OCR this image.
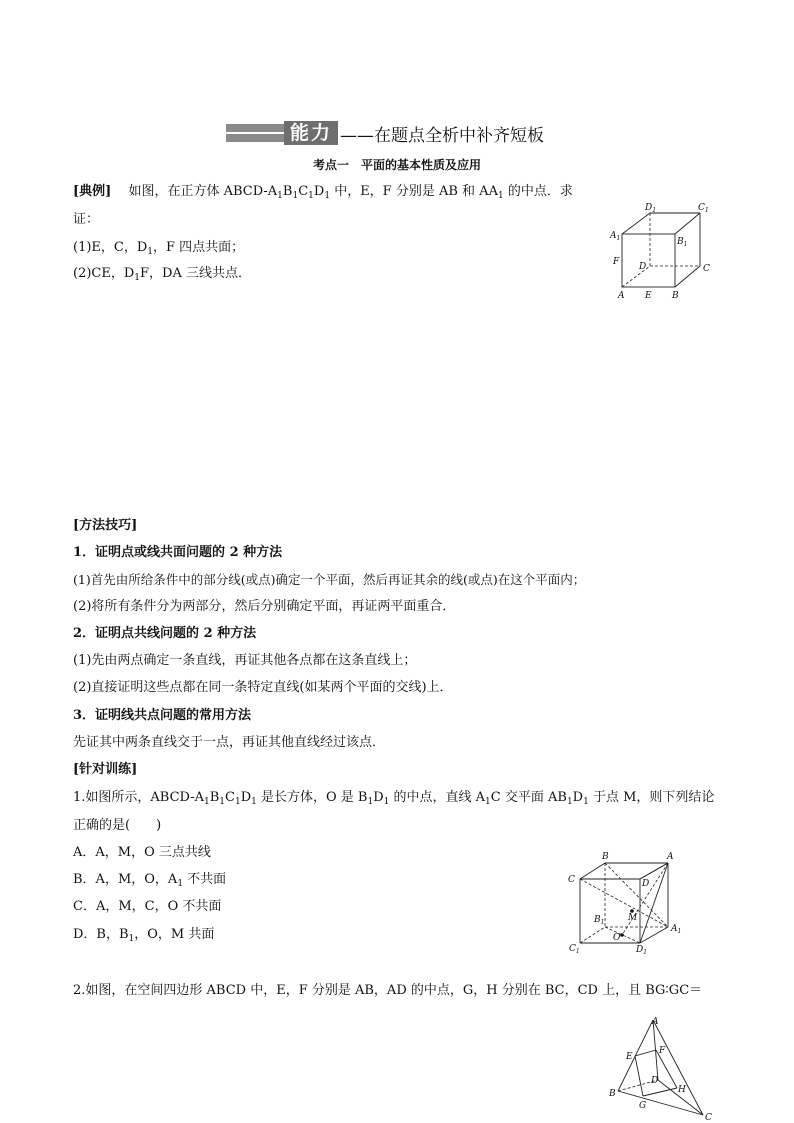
能力 ——在题点全析中补齐短板
考点一　平面的基本性质及应用
[典例]　 如图，在正方体 ABCD-$A_1B_1C_1D_1$ 中，E，F 分别是 AB 和 $AA_1$ 的中点．求
证：
(1)E，C，$D_1$，F 四点共面；
(2)CE，$D_1F$，DA 三线共点．
$D_1$	$C_1$
$A_1$	$B_1$
F D	C
A E B
[方法技巧]
1．证明点或线共面问题的 2 种方法
(1)首先由所给条件中的部分线(或点)确定一个平面，然后再证其余的线(或点)在这个平面内；
(2)将所有条件分为两部分，然后分别确定平面，再证两平面重合．
2．证明点共线问题的 2 种方法
(1)先由两点确定一条直线，再证其他各点都在这条直线上；
(2)直接证明这些点都在同一条特定直线(如某两个平面的交线)上．
3．证明线共点问题的常用方法
先证其中两条直线交于一点，再证其他直线经过该点．
[针对训练]
1.如图所示，ABCD-$A_1B_1C_1D_1$ 是长方体，O 是 $B_1D_1$ 的中点，直线 $A_1C$ 交平面 $AB_1D_1$ 于点 M，则下列结论
正确的是(　　)
A．A，M，O 三点共线
B．A，M，O，$A_1$ 不共面
C．A，M，C，O 不共面
D．B，$B_1$，O，M 共面
B	A
C	D
M
$B_1$
O
$A_1$
$C_1$	$D_1$
2.如图，在空间四边形 ABCD 中，E，F 分别是 AB，AD 的中点，G，H 分别在 BC，CD 上，且 BG∶GC＝
A
E
F
D
H
B
G
C
